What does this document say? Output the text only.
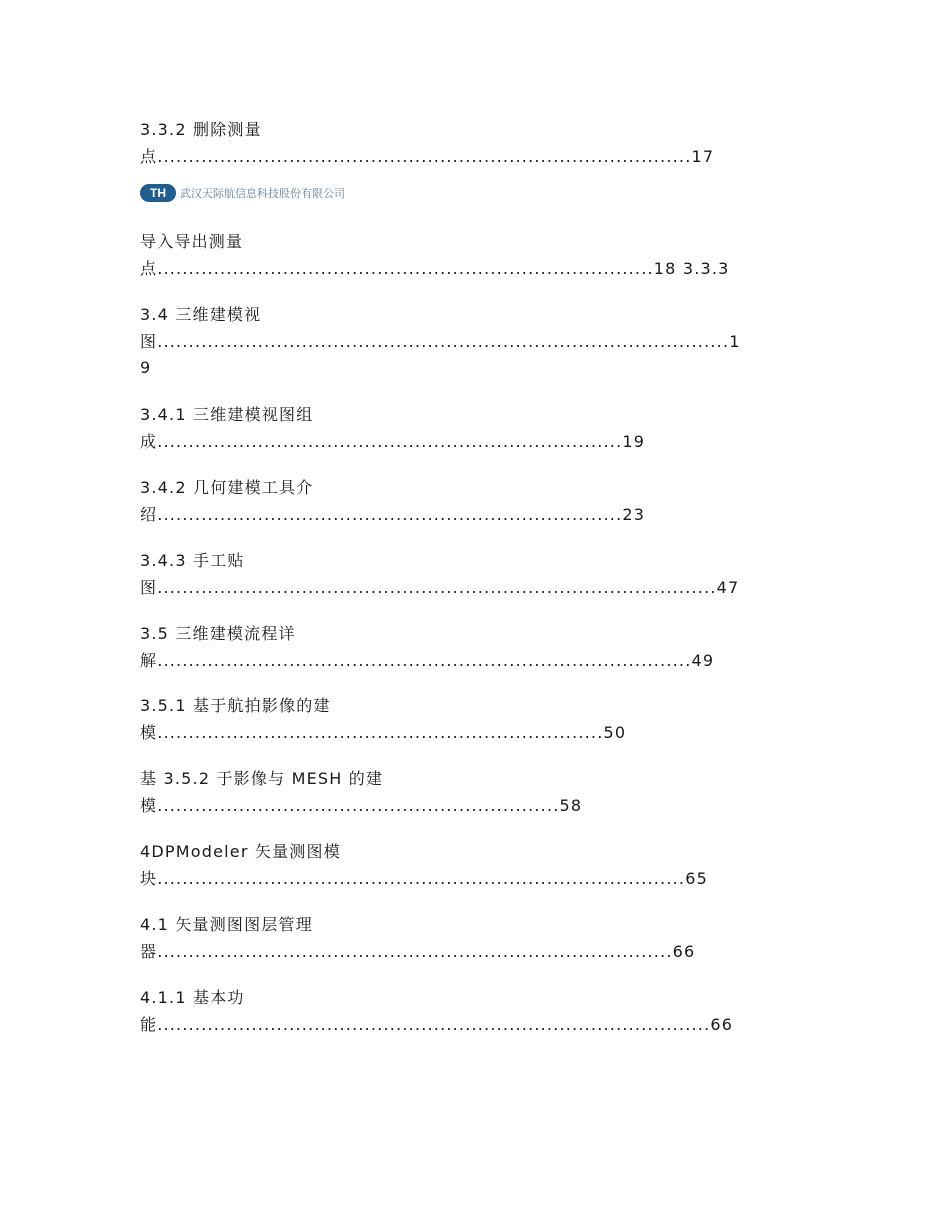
TH	武汉天际航信息科技股份有限公司
3.3.2 删除测量
点.....................................................................................17
导入导出测量
点...............................................................................18 3.3.3
3.4 三维建模视
图...........................................................................................1
9
3.4.1 三维建模视图组
成..........................................................................19
3.4.2 几何建模工具介
绍..........................................................................23
3.4.3 手工贴
图.........................................................................................47
3.5 三维建模流程详
解.....................................................................................49
3.5.1 基于航拍影像的建
模.......................................................................50
基 3.5.2 于影像与 MESH 的建
模................................................................58
4DPModeler 矢量测图模
块....................................................................................65
4.1 矢量测图图层管理
器..................................................................................66
4.1.1 基本功
能........................................................................................66
